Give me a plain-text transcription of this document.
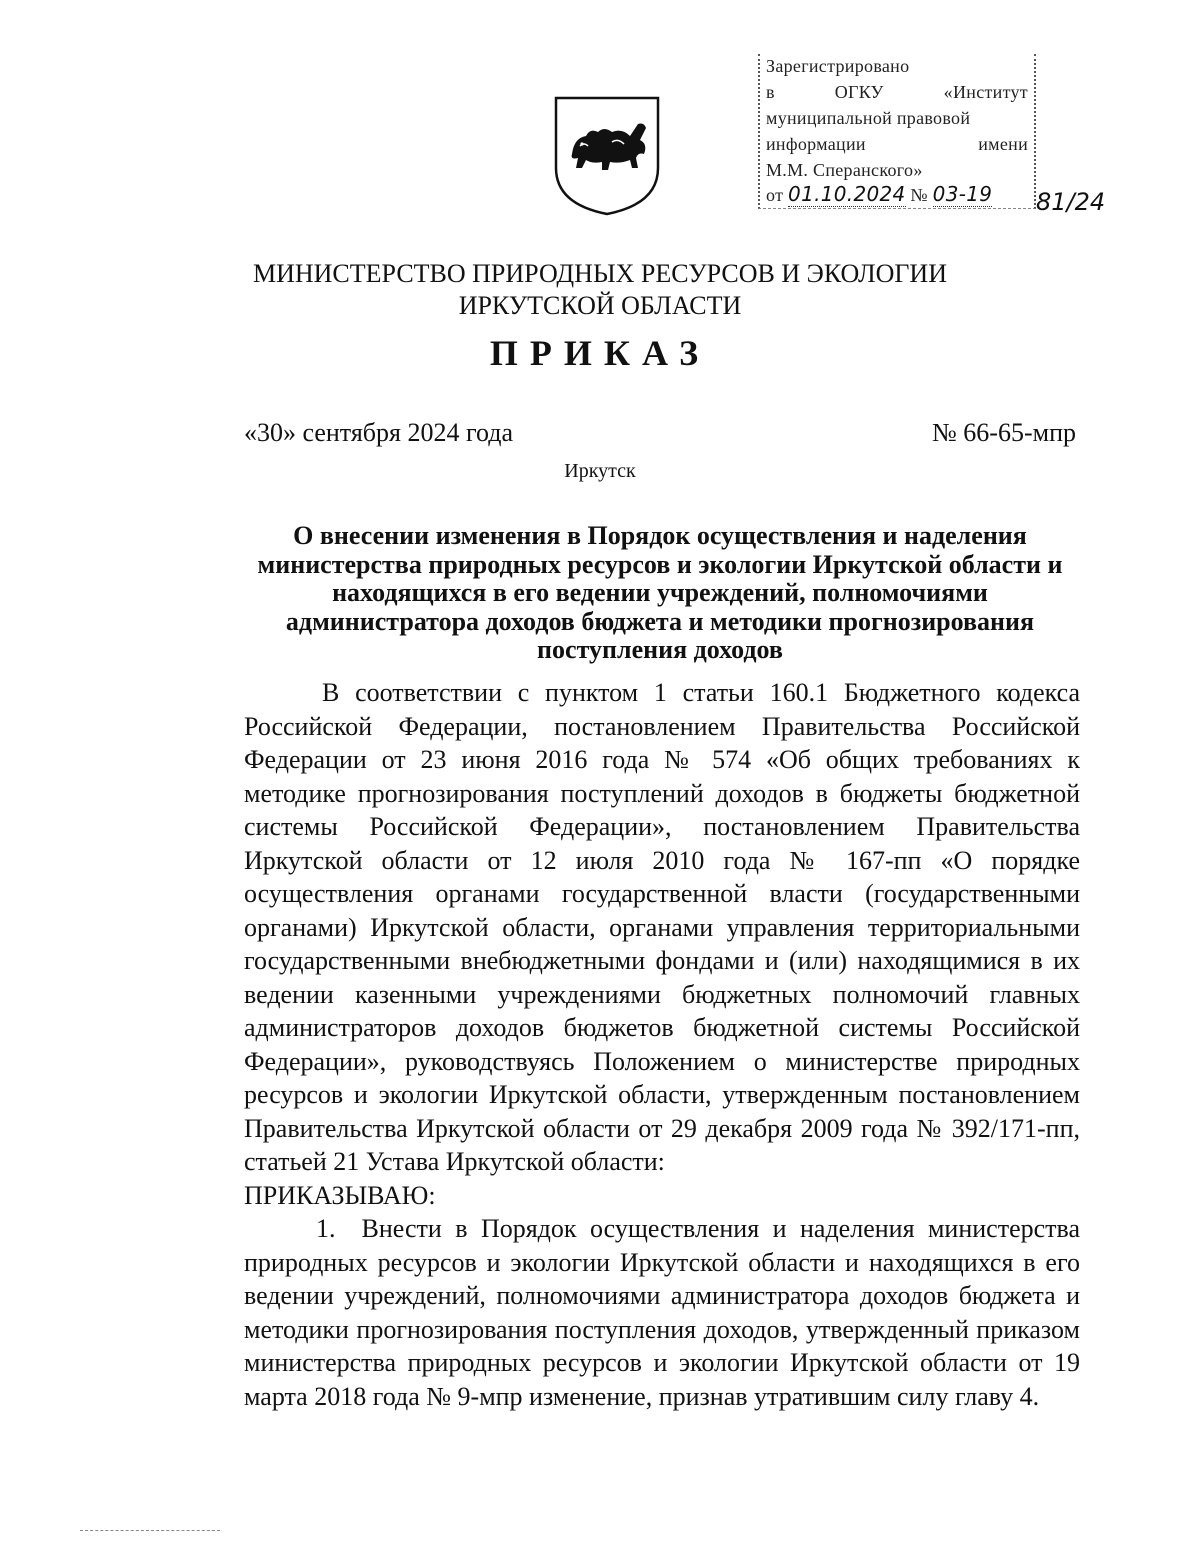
Зарегистрировано
в	ОГКУ	«Институт
муниципальной правовой
информации	имени
М.М. Сперанского»
от 01.10.2024 № 03-19 81/24
МИНИСТЕРСТВО ПРИРОДНЫХ РЕСУРСОВ И ЭКОЛОГИИ
ИРКУТСКОЙ ОБЛАСТИ
ПРИКАЗ
«30» сентября 2024 года	№ 66-65-мпр
Иркутск
О внесении изменения в Порядок осуществления и наделения министерства природных ресурсов и экологии Иркутской области и находящихся в его ведении учреждений, полномочиями администратора доходов бюджета и методики прогнозирования поступления доходов

В соответствии с пунктом 1 статьи 160.1 Бюджетного кодекса Российской Федерации, постановлением Правительства Российской Федерации от 23 июня 2016 года № 574 «Об общих требованиях к методике прогнозирования поступлений доходов в бюджеты бюджетной системы Российской Федерации», постановлением Правительства Иркутской области от 12 июля 2010 года № 167-пп «О порядке осуществления органами государственной власти (государственными органами) Иркутской области, органами управления территориальными государственными внебюджетными фондами и (или) находящимися в их ведении казенными учреждениями бюджетных полномочий главных администраторов доходов бюджетов бюджетной системы Российской Федерации», руководствуясь Положением о министерстве природных ресурсов и экологии Иркутской области, утвержденным постановлением Правительства Иркутской области от 29 декабря 2009 года № 392/171-пп, статьей 21 Устава Иркутской области:

ПРИКАЗЫВАЮ:

1. Внести в Порядок осуществления и наделения министерства природных ресурсов и экологии Иркутской области и находящихся в его ведении учреждений, полномочиями администратора доходов бюджета и методики прогнозирования поступления доходов, утвержденный приказом министерства природных ресурсов и экологии Иркутской области от 19 марта 2018 года № 9-мпр изменение, признав утратившим силу главу 4.
